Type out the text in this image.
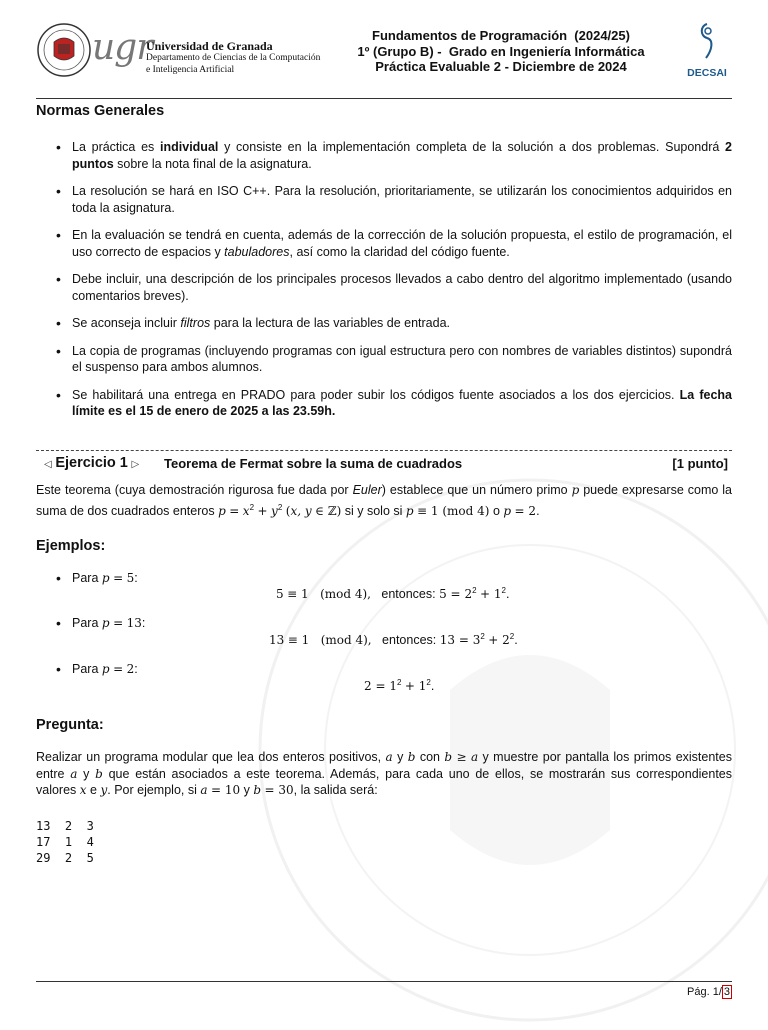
ugr
Universidad de Granada
Departamento de Ciencias de la Computación
e Inteligencia Artificial
Fundamentos de Programación  (2024/25)
1º (Grupo B) -  Grado en Ingeniería Informática
Práctica Evaluable 2 - Diciembre de 2024	DECSAI
Normas Generales
• La práctica es individual y consiste en la implementación completa de la solución a dos problemas. Supondrá 2 puntos sobre la nota final de la asignatura.
• La resolución se hará en ISO C++. Para la resolución, prioritariamente, se utilizarán los conocimientos adquiridos en toda la asignatura.
• En la evaluación se tendrá en cuenta, además de la corrección de la solución propuesta, el estilo de programación, el uso correcto de espacios y tabuladores, así como la claridad del código fuente.
• Debe incluir, una descripción de los principales procesos llevados a cabo dentro del algoritmo implementado (usando comentarios breves).
• Se aconseja incluir filtros para la lectura de las variables de entrada.
• La copia de programas (incluyendo programas con igual estructura pero con nombres de variables distintos) supondrá el suspenso para ambos alumnos.
• Se habilitará una entrega en PRADO para poder subir los códigos fuente asociados a los dos ejercicios. La fecha límite es el 15 de enero de 2025 a las 23.59h.
◁ Ejercicio 1 ▷ Teorema de Fermat sobre la suma de cuadrados	[1 punto]
Este teorema (cuya demostración rigurosa fue dada por Euler) establece que un número primo p puede expresarse como la suma de dos cuadrados enteros $p = x^2 + y^2$ (x, y ∈ ℤ) si y solo si p ≡ 1 (mod 4) o p = 2.
Ejemplos:
• Para p = 5:
5 ≡ 1   (mod 4), entonces: $5 = 2^2 + 1^2$.
• Para p = 13:
13 ≡ 1   (mod 4), entonces: $13 = 3^2 + 2^2$.
• Para p = 2:
$2 = 1^2 + 1^2$.
Pregunta:
Realizar un programa modular que lea dos enteros positivos, a y b con b ≥ a y muestre por pantalla los primos existentes entre a y b que están asociados a este teorema. Además, para cada uno de ellos, se mostrarán sus correspondientes valores x e y. Por ejemplo, si a = 10 y b = 30, la salida será:
13  2  3
17  1  4
29  2  5
Pág. 1/ 3
